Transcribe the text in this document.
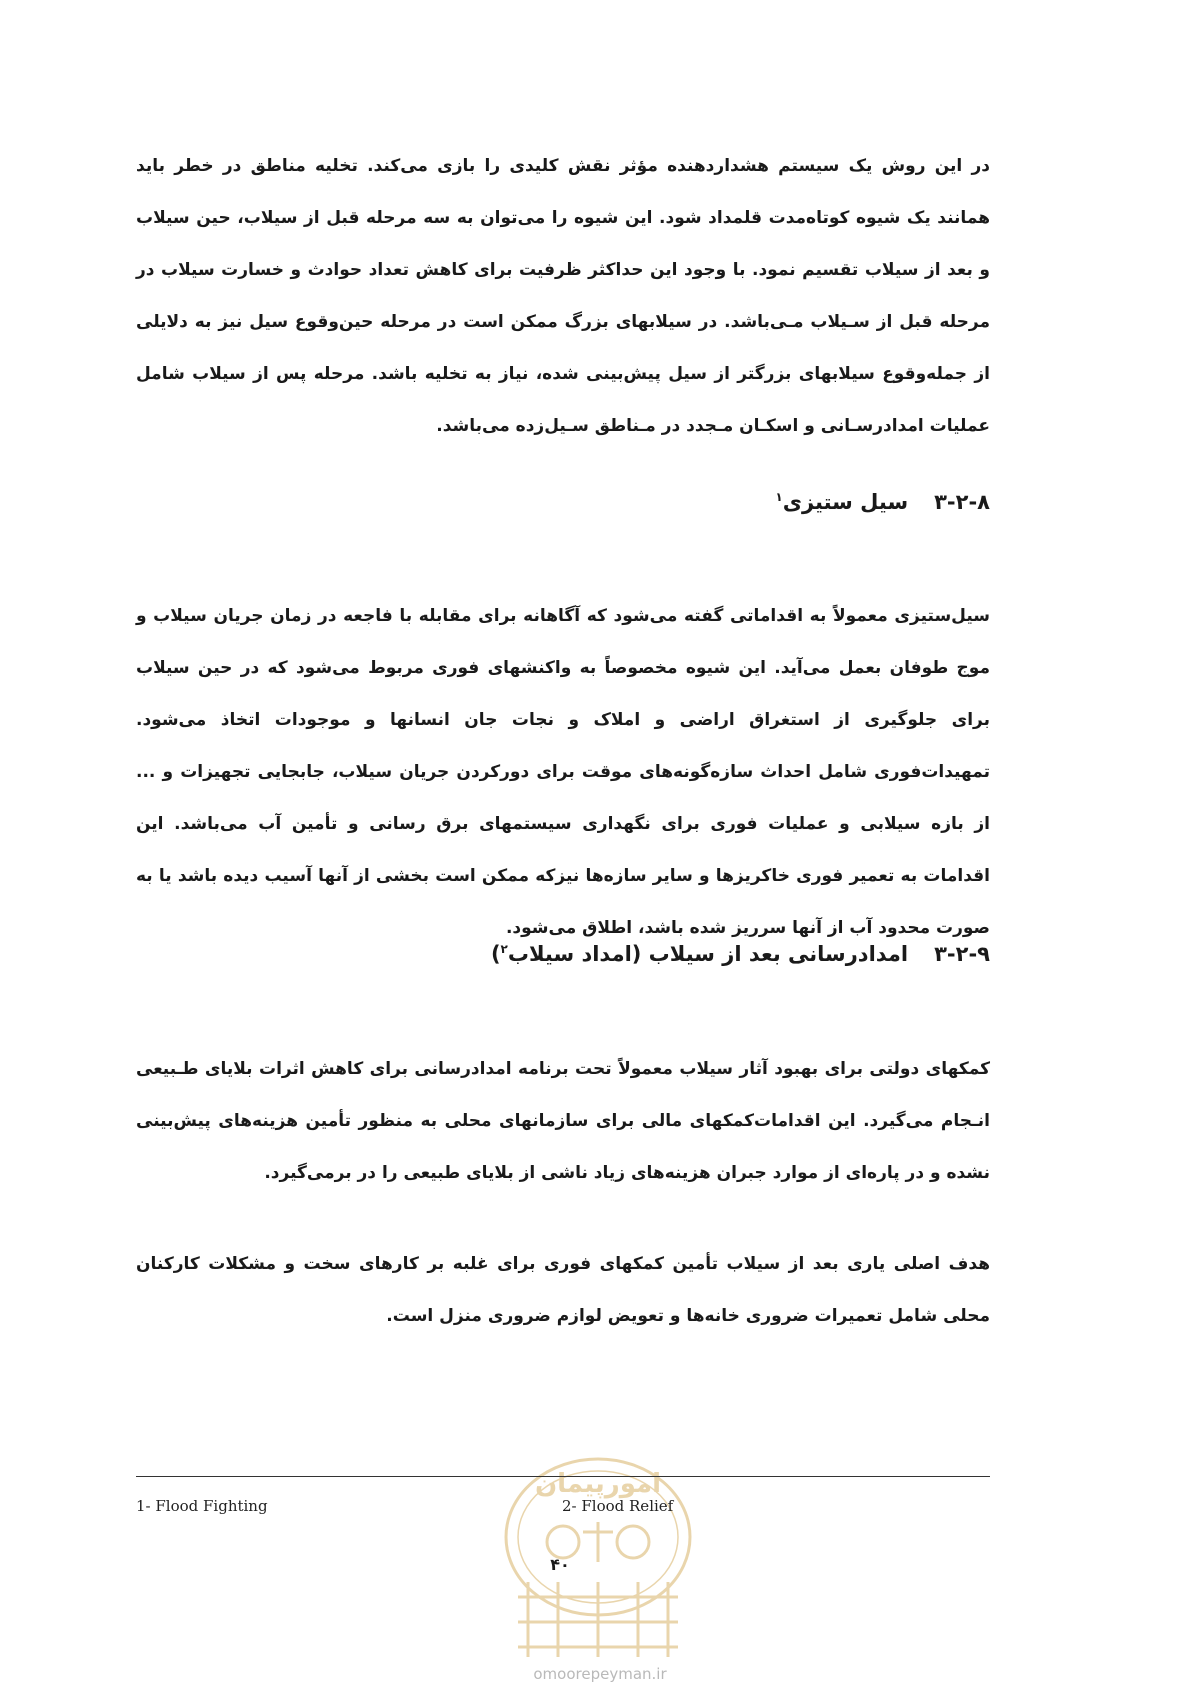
در این روش یک سیستم هشداردهنده مؤثر نقش کلیدی را بازی می‌کند. تخلیه مناطق در خطر باید همانند یک شیوه کوتاه‌مدت قلمداد شود. این شیوه را می‌توان به سه مرحله قبل از سیلاب، حین سیلاب و بعد از سیلاب تقسیم نمود. با وجود این حداکثر ظرفیت برای کاهش تعداد حوادث و خسارت سیلاب در مرحله قبل از سـیلاب مـی‌باشد. در سیلابهای بزرگ ممکن است در مرحله حین‌وقوع سیل نیز به دلایلی از جمله‌وقوع سیلابهای بزرگتر از سیل پیش‌بینی شده، نیاز به تخلیه باشد. مرحله پس از سیلاب شامل عملیات امدادرسـانی و اسکـان مـجدد در مـناطق سـیل‌زده می‌باشد.

۳-۲-۸سیل ستیزی$^۱$

سیل‌ستیزی معمولاً به اقداماتی گفته می‌شود که آگاهانه برای مقابله با فاجعه در زمان جریان سیلاب و موج طوفان بعمل می‌آید. این شیوه مخصوصاً به واکنشهای فوری مربوط می‌شود که در حین سیلاب برای جلوگیری از استغراق اراضی و املاک و نجات جان انسانها و موجودات اتخاذ می‌شود. تمهیدات‌فوری شامل احداث سازه‌گونه‌های موقت برای دورکردن جریان سیلاب، جابجایی تجهیزات و ... از بازه سیلابی و عملیات فوری برای نگهداری سیستمهای برق رسانی و تأمین آب می‌باشد. این اقدامات به تعمیر فوری خاکریزها و سایر سازه‌ها نیزکه ممکن است بخشی از آنها آسیب دیده باشد یا به صورت محدود آب از آنها سرریز شده باشد، اطلاق می‌شود.

۳-۲-۹امدادرسانی بعد از سیلاب (امداد سیلاب$^۲$)

کمکهای دولتی برای بهبود آثار سیلاب معمولاً تحت برنامه امدادرسانی برای کاهش اثرات بلایای طـبیعی انـجام می‌گیرد. این اقدامات‌کمکهای مالی برای سازمانهای محلی به منظور تأمین هزینه‌های پیش‌بینی نشده و در پاره‌ای از موارد جبران هزینه‌های زیاد ناشی از بلایای طبیعی را در برمی‌گیرد.

هدف اصلی یاری بعد از سیلاب تأمین کمکهای فوری برای غلبه بر کارهای سخت و مشکلات کارکنان محلی شامل تعمیرات ضروری خانه‌ها و تعویض لوازم ضروری منزل است.

امورپیمان
1- Flood Fighting	2- Flood Relief
۴۰
omoorepeyman.ir
